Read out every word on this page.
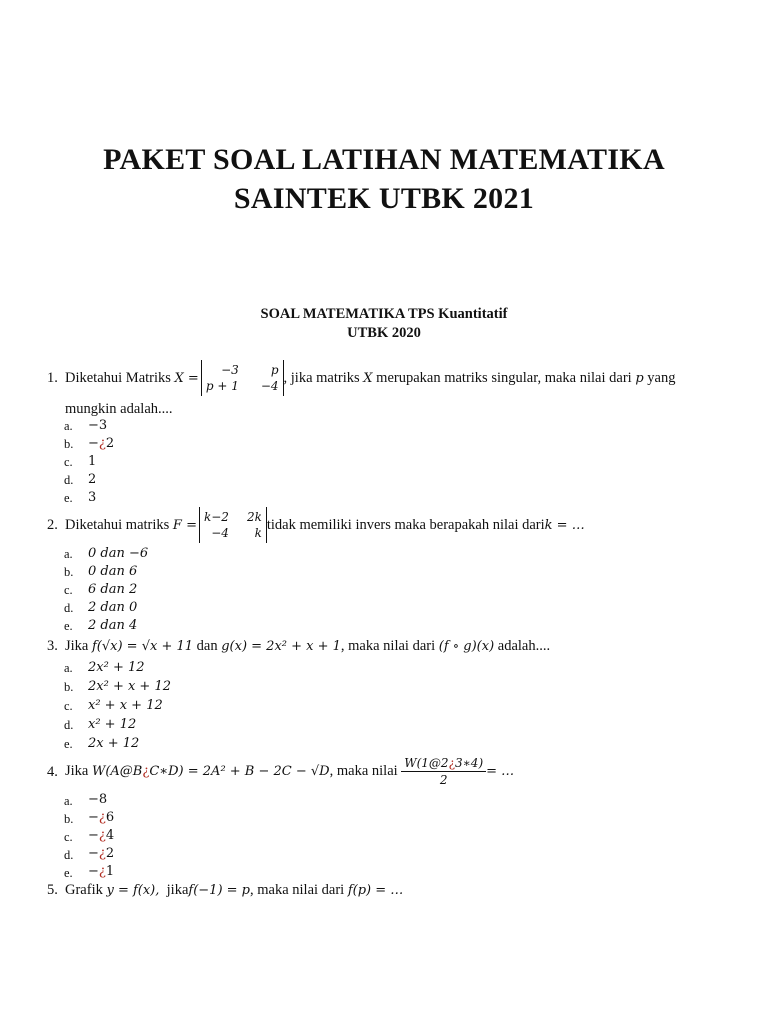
PAKET SOAL LATIHAN MATEMATIKA
SAINTEK UTBK 2021
SOAL MATEMATIKA TPS Kuantitatif
UTBK 2020
1. Diketahui Matriks
X =
−3	p
p + 1 −4
, jika matriks
X
merupakan matriks singular, maka nilai dari
p
yang
mungkin adalah....
a. −3
b. −¿2
c. 1
d. 2
e. 3
2. Diketahui matriks
F =
k−2 2k
−4	k
tidak memiliki invers maka berapakah nilai dari k = …
a. 0 dan −6
b. 0 dan 6
c. 6 dan 2
d. 2 dan 0
e. 2 dan 4
3. Jika f(√x) = √x + 11 dan g(x) = 2x² + x + 1, maka nilai dari (f ∘ g)(x) adalah....
a. 2x² + 12
b. 2x² + x + 12
c. x² + x + 12
d. x² + 12
e. 2x + 12
4. Jika
W(A@B¿C∗D) = 2A² + B − 2C − √D , maka nilai
$\frac{W(1@2¿3∗4)}{2}$ = …
a. −8
b. −¿6
c. −¿4
d. −¿2
e. −¿1
5. Grafik y = f(x), jikaf(−1) = p, maka nilai dari f(p) = …
